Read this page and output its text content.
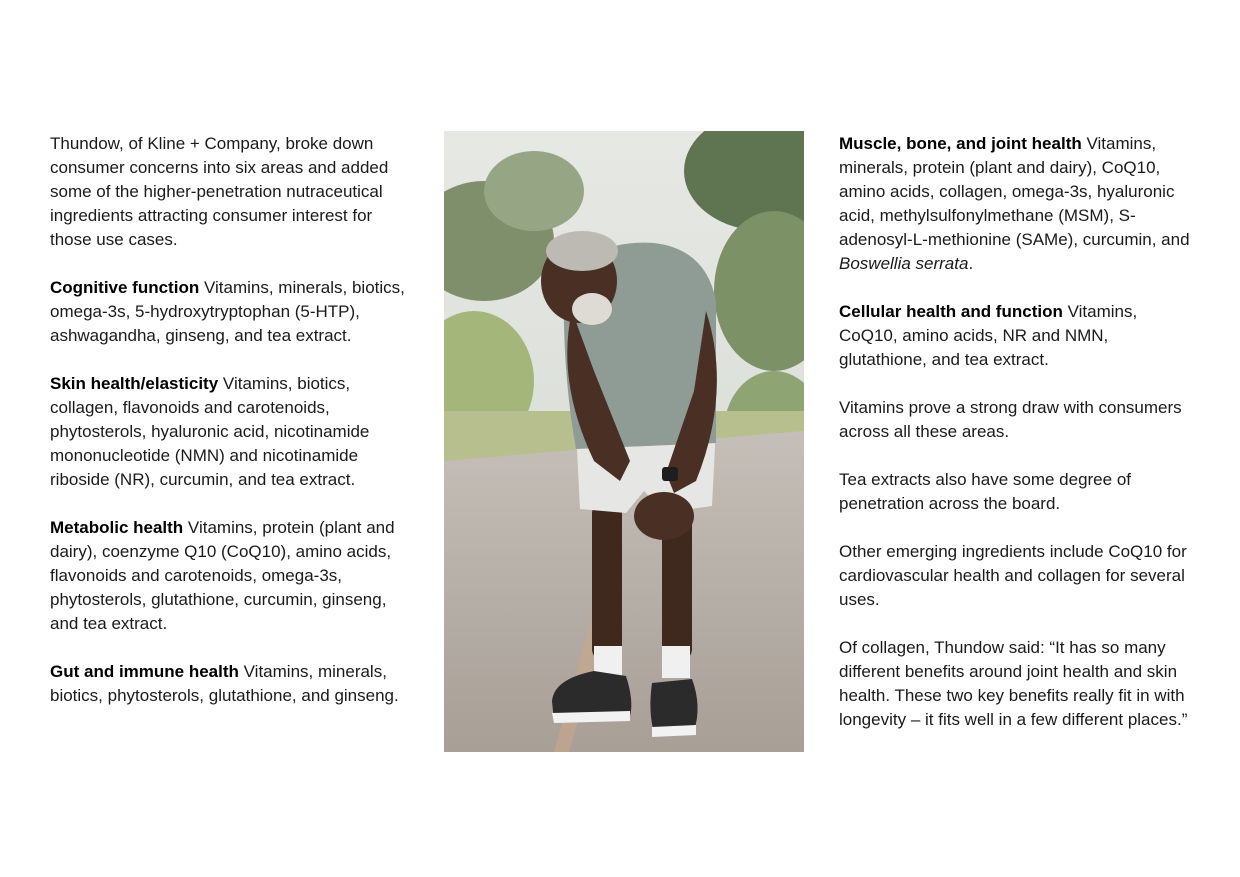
Thundow, of Kline + Company, broke down consumer concerns into six areas and added some of the higher-penetration nutraceutical ingredients attracting consumer interest for those use cases.

Cognitive function Vitamins, minerals, biotics, omega-3s, 5-hydroxytryptophan (5-HTP), ashwagandha, ginseng, and tea extract.

Skin health/elasticity Vitamins, biotics, collagen, flavonoids and carotenoids, phytosterols, hyaluronic acid, nicotinamide mononucleotide (NMN) and nicotinamide riboside (NR), curcumin, and tea extract.

Metabolic health Vitamins, protein (plant and dairy), coenzyme Q10 (CoQ10), amino acids, flavonoids and carotenoids, omega-3s, phytosterols, glutathione, curcumin, ginseng, and tea extract.

Gut and immune health Vitamins, minerals, biotics, phytosterols, glutathione, and ginseng.

Muscle, bone, and joint health Vitamins, minerals, protein (plant and dairy), CoQ10, amino acids, collagen, omega-3s, hyaluronic acid, methylsulfonylmethane (MSM), S-adenosyl-L-methionine (SAMe), curcumin, and Boswellia serrata.

Cellular health and function Vitamins, CoQ10, amino acids, NR and NMN, glutathione, and tea extract.

Vitamins prove a strong draw with consumers across all these areas.

Tea extracts also have some degree of penetration across the board.

Other emerging ingredients include CoQ10 for cardiovascular health and collagen for several uses.

Of collagen, Thundow said: “It has so many different benefits around joint health and skin health. These two key benefits really fit in with longevity – it fits well in a few different places.”
